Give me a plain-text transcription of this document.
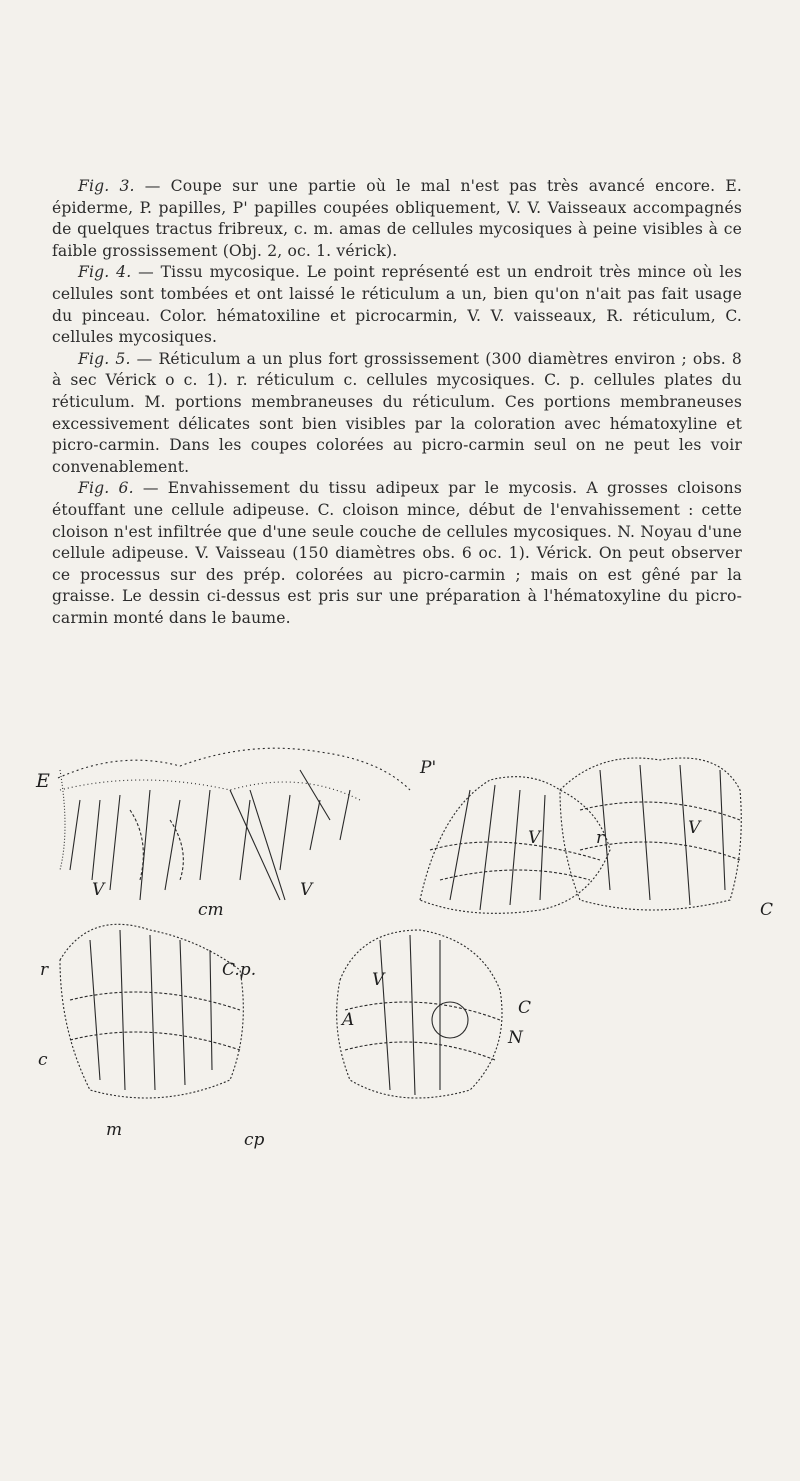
Fig. 3. — Coupe sur une partie où le mal n'est pas très avancé encore. E. épiderme, P. papilles, P' papilles coupées obliquement, V. V. Vaisseaux accompagnés de quelques tractus fribreux, c. m. amas de cellules mycosiques à peine visibles à ce faible grossissement (Obj. 2, oc. 1. vérick).

Fig. 4. — Tissu mycosique. Le point représenté est un endroit très mince où les cellules sont tombées et ont laissé le réticulum a un, bien qu'on n'ait pas fait usage du pinceau. Color. hématoxiline et picrocarmin, V. V. vaisseaux, R. réticulum, C. cellules mycosiques.

Fig. 5. — Réticulum a un plus fort grossissement (300 diamètres environ ; obs. 8 à sec Vérick o c. 1). r. réticulum c. cellules mycosiques. C. p. cellules plates du réticulum. M. portions membraneuses du réticulum. Ces portions membraneuses excessivement délicates sont bien visibles par la coloration avec hématoxyline et picro-carmin. Dans les coupes colorées au picro-carmin seul on ne peut les voir convenablement.

Fig. 6. — Envahissement du tissu adipeux par le mycosis. A grosses cloisons étouffant une cellule adipeuse. C. cloison mince, début de l'envahissement : cette cloison n'est infiltrée que d'une seule couche de cellules mycosiques. N. Noyau d'une cellule adipeuse. V. Vaisseau (150 diamètres obs. 6 oc. 1). Vérick. On peut observer ce processus sur des prép. colorées au picro-carmin ; mais on est gêné par la graisse. Le dessin ci-dessus est pris sur une préparation à l'hématoxyline du picro-carmin monté dans le baume.

E
P'
V	V
cm
V	r	V
C
r	C.p.
c
m	cp
V
A
C
N
